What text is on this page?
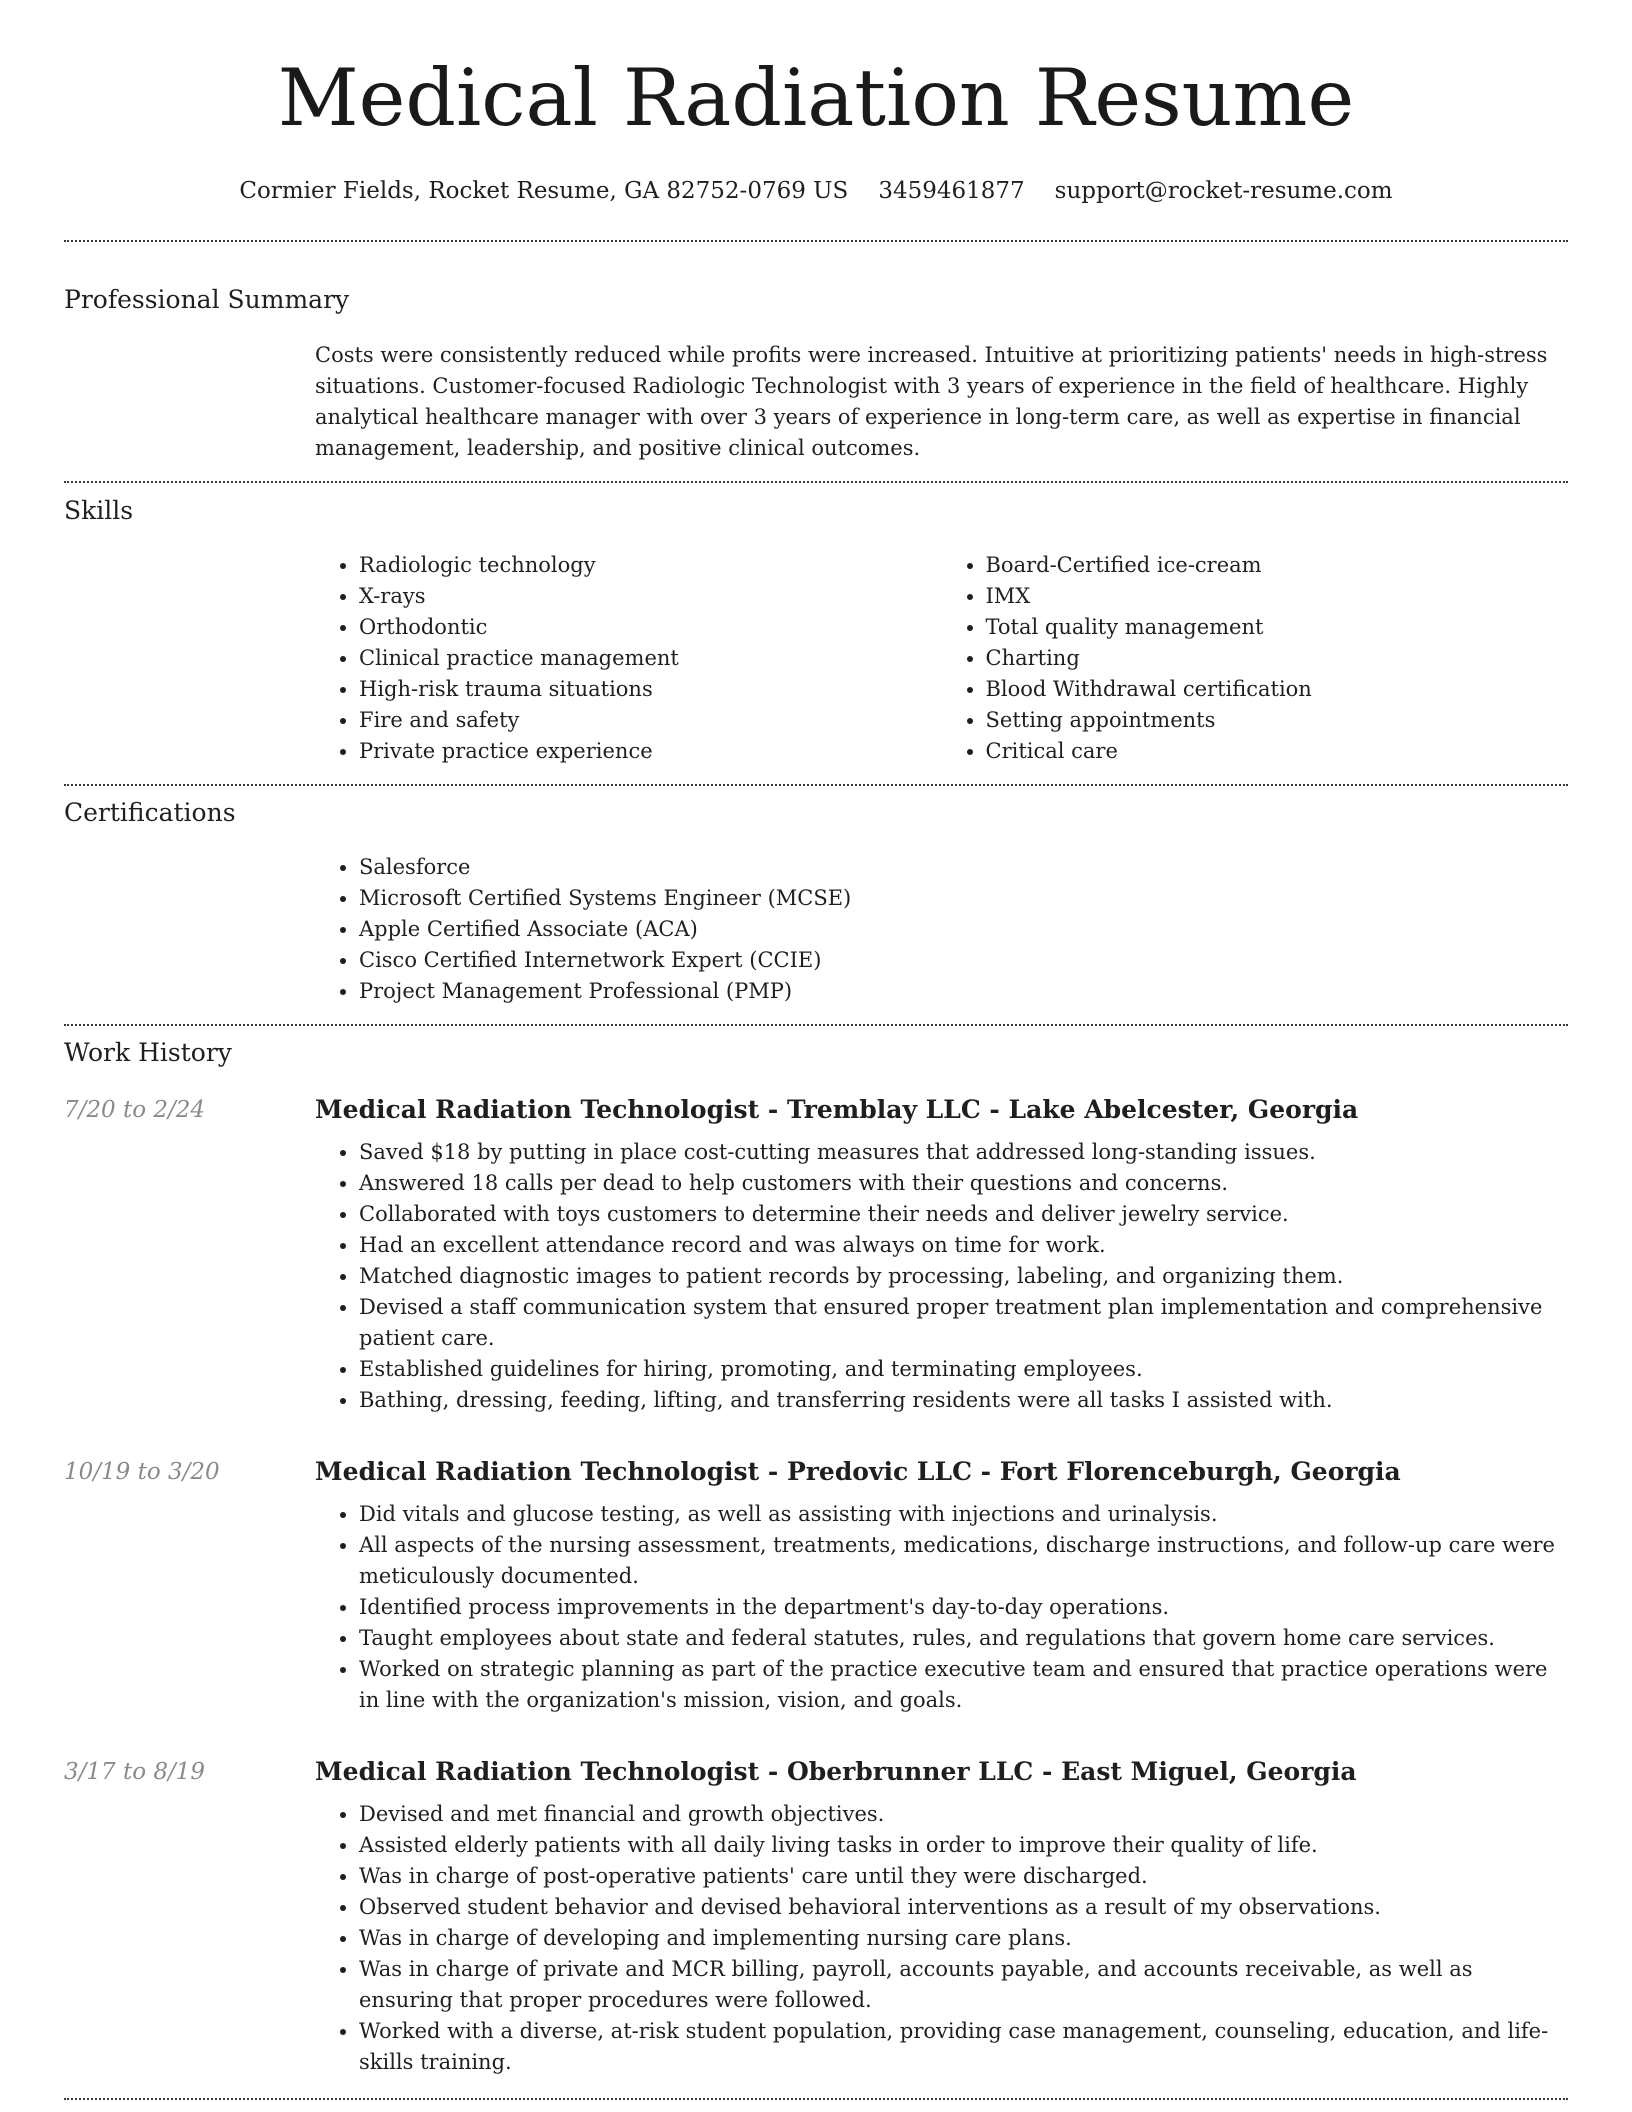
Medical Radiation Resume
Cormier Fields, Rocket Resume, GA 82752-0769 US 3459461877 support@rocket-resume.com
Professional Summary

Costs were consistently reduced while profits were increased. Intuitive at prioritizing patients' needs in high-stress situations. Customer-focused Radiologic Technologist with 3 years of experience in the field of healthcare. Highly analytical healthcare manager with over 3 years of experience in long-term care, as well as expertise in financial management, leadership, and positive clinical outcomes.

Skills
• Radiologic technology
• X-rays
• Orthodontic
• Clinical practice management
• High-risk trauma situations
• Fire and safety
• Private practice experience
• Board-Certified ice-cream
• IMX
• Total quality management
• Charting
• Blood Withdrawal certification
• Setting appointments
• Critical care
Certifications
• Salesforce
• Microsoft Certified Systems Engineer (MCSE)
• Apple Certified Associate (ACA)
• Cisco Certified Internetwork Expert (CCIE)
• Project Management Professional (PMP)
Work History
7/20 to 2/24	Medical Radiation Technologist - Tremblay LLC - Lake Abelcester, Georgia
• Saved $18 by putting in place cost-cutting measures that addressed long-standing issues.
• Answered 18 calls per dead to help customers with their questions and concerns.
• Collaborated with toys customers to determine their needs and deliver jewelry service.
• Had an excellent attendance record and was always on time for work.
• Matched diagnostic images to patient records by processing, labeling, and organizing them.
• Devised a staff communication system that ensured proper treatment plan implementation and comprehensive patient care.
• Established guidelines for hiring, promoting, and terminating employees.
• Bathing, dressing, feeding, lifting, and transferring residents were all tasks I assisted with.
10/19 to 3/20	Medical Radiation Technologist - Predovic LLC - Fort Florenceburgh, Georgia
• Did vitals and glucose testing, as well as assisting with injections and urinalysis.
• All aspects of the nursing assessment, treatments, medications, discharge instructions, and follow-up care were meticulously documented.
• Identified process improvements in the department's day-to-day operations.
• Taught employees about state and federal statutes, rules, and regulations that govern home care services.
• Worked on strategic planning as part of the practice executive team and ensured that practice operations were in line with the organization's mission, vision, and goals.
3/17 to 8/19	Medical Radiation Technologist - Oberbrunner LLC - East Miguel, Georgia
• Devised and met financial and growth objectives.
• Assisted elderly patients with all daily living tasks in order to improve their quality of life.
• Was in charge of post-operative patients' care until they were discharged.
• Observed student behavior and devised behavioral interventions as a result of my observations.
• Was in charge of developing and implementing nursing care plans.
• Was in charge of private and MCR billing, payroll, accounts payable, and accounts receivable, as well as ensuring that proper procedures were followed.
• Worked with a diverse, at-risk student population, providing case management, counseling, education, and life-skills training.
